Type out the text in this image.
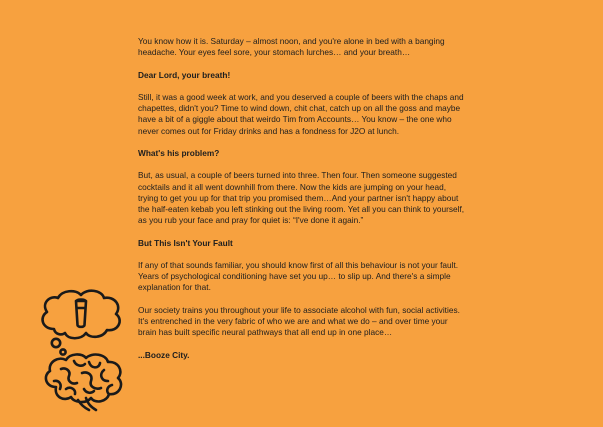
You know how it is. Saturday – almost noon, and you're alone in bed with a banging headache. Your eyes feel sore, your stomach lurches… and your breath…

Dear Lord, your breath!

Still, it was a good week at work, and you deserved a couple of beers with the chaps and chapettes, didn't you? Time to wind down, chit chat, catch up on all the goss and maybe have a bit of a giggle about that weirdo Tim from Accounts… You know – the one who never comes out for Friday drinks and has a fondness for J2O at lunch.

What's his problem?

But, as usual, a couple of beers turned into three. Then four. Then someone suggested cocktails and it all went downhill from there. Now the kids are jumping on your head, trying to get you up for that trip you promised them…And your partner isn't happy about the half-eaten kebab you left stinking out the living room. Yet all you can think to yourself, as you rub your face and pray for quiet is: “I've done it again.”

But This Isn't Your Fault

If any of that sounds familiar, you should know first of all this behaviour is not your fault. Years of psychological conditioning have set you up… to slip up. And there's a simple explanation for that.

Our society trains you throughout your life to associate alcohol with fun, social activities. It's entrenched in the very fabric of who we are and what we do – and over time your brain has built specific neural pathways that all end up in one place…

...Booze City.
